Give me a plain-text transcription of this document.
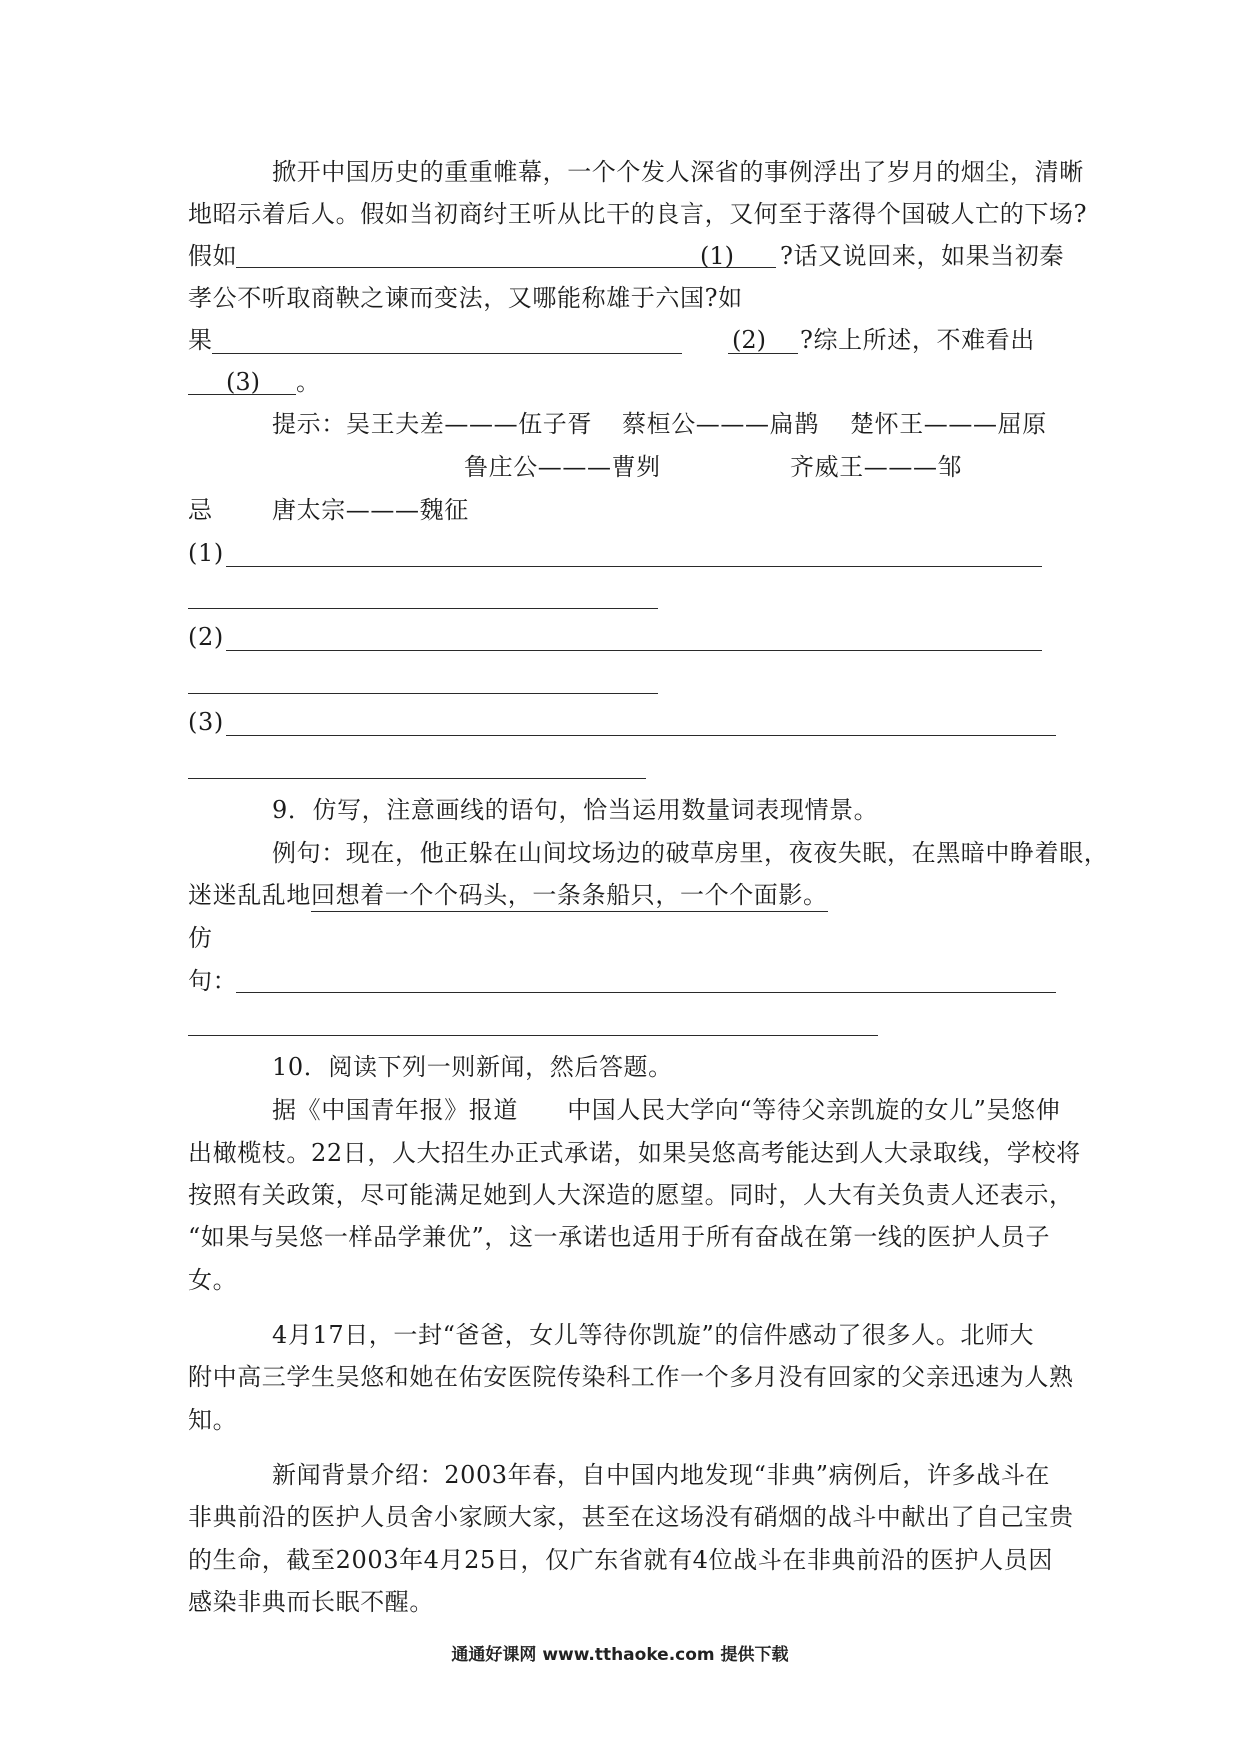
掀开中国历史的重重帷幕，一个个发人深省的事例浮出了岁月的烟尘，清晰
地昭示着后人。假如当初商纣王听从比干的良言，又何至于落得个国破人亡的下场?
假如	(1) ?话又说回来，如果当初秦
孝公不听取商鞅之谏而变法，又哪能称雄于六国?如
果	(2) ?综上所述，不难看出
(3) 。
提示： 吴王夫差———伍子胥 蔡桓公———扁鹊 楚怀王———屈原
鲁庄公———曹刿	齐威王———邹
忌 唐太宗———魏征
(1)
(2)
(3)
9．仿写，注意画线的语句，恰当运用数量词表现情景。
例句：现在，他正躲在山间坟场边的破草房里，夜夜失眠，在黑暗中睁着眼，
迷迷乱乱地回想着一个个码头，一条条船只，一个个面影。
仿
句：
10．阅读下列一则新闻，然后答题。
据《中国青年报》报道　　中国人民大学向“等待父亲凯旋的女儿”吴悠伸
出橄榄枝。22日，人大招生办正式承诺，如果吴悠高考能达到人大录取线，学校将
按照有关政策，尽可能满足她到人大深造的愿望。同时，人大有关负责人还表示，
“如果与吴悠一样品学兼优”，这一承诺也适用于所有奋战在第一线的医护人员子
女。
4月17日，一封“爸爸，女儿等待你凯旋”的信件感动了很多人。北师大
附中高三学生吴悠和她在佑安医院传染科工作一个多月没有回家的父亲迅速为人熟
知。
新闻背景介绍：2003年春，自中国内地发现“非典”病例后，许多战斗在
非典前沿的医护人员舍小家顾大家，甚至在这场没有硝烟的战斗中献出了自己宝贵
的生命，截至2003年4月25日，仅广东省就有4位战斗在非典前沿的医护人员因
感染非典而长眠不醒。
通通好课网 www.tthaoke.com 提供下载
